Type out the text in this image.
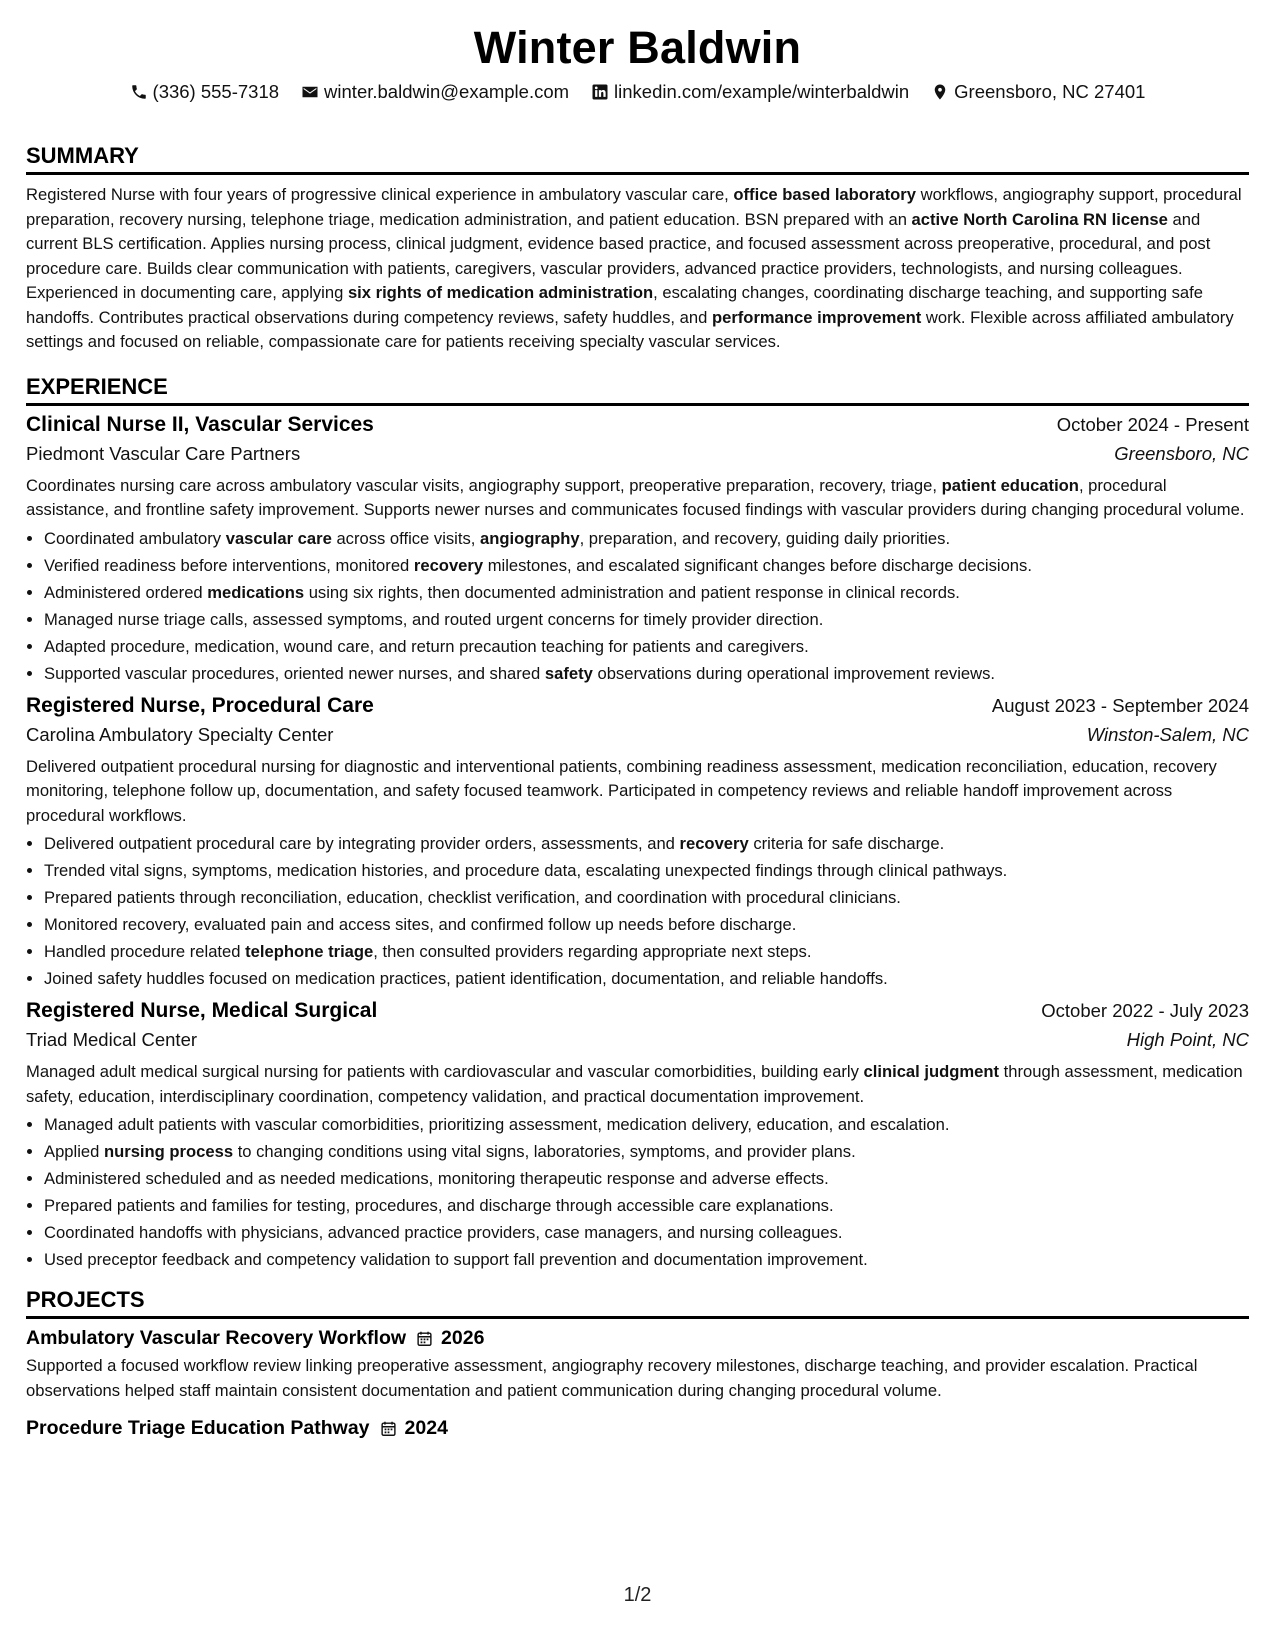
Winter Baldwin
(336) 555-7318 winter.baldwin@example.com linkedin.com/example/winterbaldwin Greensboro, NC 27401
SUMMARY
Registered Nurse with four years of progressive clinical experience in ambulatory vascular care, office based laboratory workflows, angiography support, procedural preparation, recovery nursing, telephone triage, medication administration, and patient education. BSN prepared with an active North Carolina RN license and current BLS certification. Applies nursing process, clinical judgment, evidence based practice, and focused assessment across preoperative, procedural, and post procedure care. Builds clear communication with patients, caregivers, vascular providers, advanced practice providers, technologists, and nursing colleagues. Experienced in documenting care, applying six rights of medication administration, escalating changes, coordinating discharge teaching, and supporting safe handoffs. Contributes practical observations during competency reviews, safety huddles, and performance improvement work. Flexible across affiliated ambulatory settings and focused on reliable, compassionate care for patients receiving specialty vascular services.
EXPERIENCE
Clinical Nurse II, Vascular Services	October 2024 - Present
Piedmont Vascular Care Partners	Greensboro, NC
Coordinates nursing care across ambulatory vascular visits, angiography support, preoperative preparation, recovery, triage, patient education, procedural assistance, and frontline safety improvement. Supports newer nurses and communicates focused findings with vascular providers during changing procedural volume.
• Coordinated ambulatory vascular care across office visits, angiography, preparation, and recovery, guiding daily priorities.
• Verified readiness before interventions, monitored recovery milestones, and escalated significant changes before discharge decisions.
• Administered ordered medications using six rights, then documented administration and patient response in clinical records.
• Managed nurse triage calls, assessed symptoms, and routed urgent concerns for timely provider direction.
• Adapted procedure, medication, wound care, and return precaution teaching for patients and caregivers.
• Supported vascular procedures, oriented newer nurses, and shared safety observations during operational improvement reviews.
Registered Nurse, Procedural Care	August 2023 - September 2024
Carolina Ambulatory Specialty Center	Winston-Salem, NC
Delivered outpatient procedural nursing for diagnostic and interventional patients, combining readiness assessment, medication reconciliation, education, recovery monitoring, telephone follow up, documentation, and safety focused teamwork. Participated in competency reviews and reliable handoff improvement across procedural workflows.
• Delivered outpatient procedural care by integrating provider orders, assessments, and recovery criteria for safe discharge.
• Trended vital signs, symptoms, medication histories, and procedure data, escalating unexpected findings through clinical pathways.
• Prepared patients through reconciliation, education, checklist verification, and coordination with procedural clinicians.
• Monitored recovery, evaluated pain and access sites, and confirmed follow up needs before discharge.
• Handled procedure related telephone triage, then consulted providers regarding appropriate next steps.
• Joined safety huddles focused on medication practices, patient identification, documentation, and reliable handoffs.
Registered Nurse, Medical Surgical	October 2022 - July 2023
Triad Medical Center	High Point, NC
Managed adult medical surgical nursing for patients with cardiovascular and vascular comorbidities, building early clinical judgment through assessment, medication safety, education, interdisciplinary coordination, competency validation, and practical documentation improvement.
• Managed adult patients with vascular comorbidities, prioritizing assessment, medication delivery, education, and escalation.
• Applied nursing process to changing conditions using vital signs, laboratories, symptoms, and provider plans.
• Administered scheduled and as needed medications, monitoring therapeutic response and adverse effects.
• Prepared patients and families for testing, procedures, and discharge through accessible care explanations.
• Coordinated handoffs with physicians, advanced practice providers, case managers, and nursing colleagues.
• Used preceptor feedback and competency validation to support fall prevention and documentation improvement.
PROJECTS
Ambulatory Vascular Recovery Workflow 2026
Supported a focused workflow review linking preoperative assessment, angiography recovery milestones, discharge teaching, and provider escalation. Practical observations helped staff maintain consistent documentation and patient communication during changing procedural volume.
Procedure Triage Education Pathway 2024
1/2
